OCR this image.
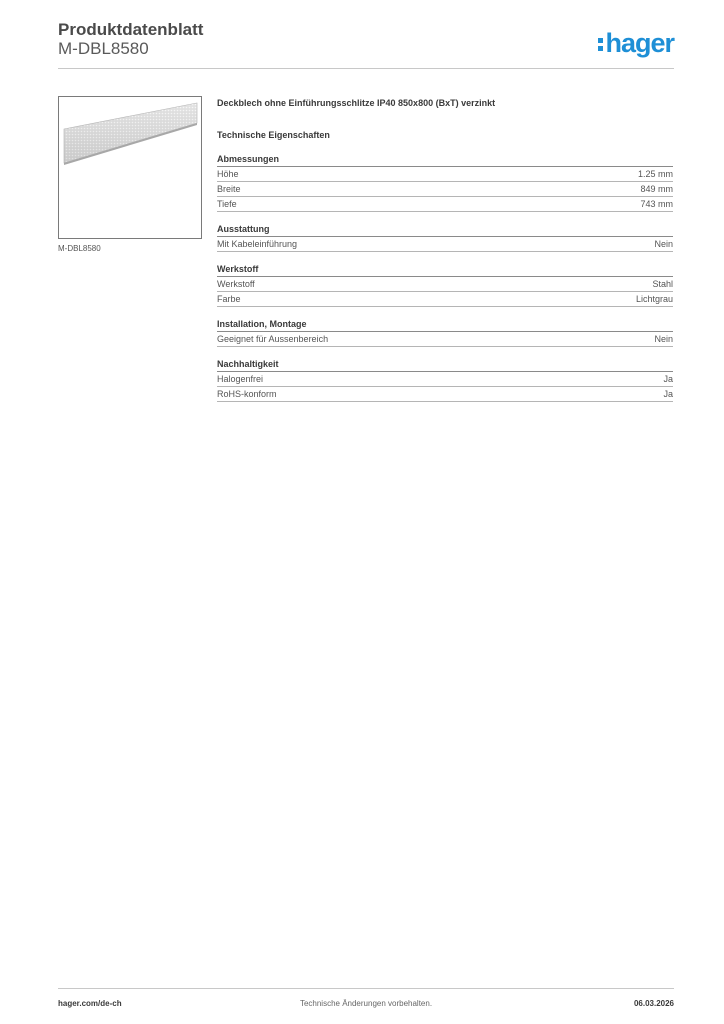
Produktdatenblatt
M-DBL8580	hager
M-DBL8580
Deckblech ohne Einführungsschlitze IP40 850x800 (BxT) verzinkt
Technische Eigenschaften
Abmessungen
Höhe	1.25 mm
Breite	849 mm
Tiefe	743 mm
Ausstattung
Mit Kabeleinführung	Nein
Werkstoff
Werkstoff	Stahl
Farbe	Lichtgrau
Installation, Montage
Geeignet für Aussenbereich	Nein
Nachhaltigkeit
Halogenfrei	Ja
RoHS-konform	Ja
hager.com/de-ch	Technische Änderungen vorbehalten.	06.03.2026
